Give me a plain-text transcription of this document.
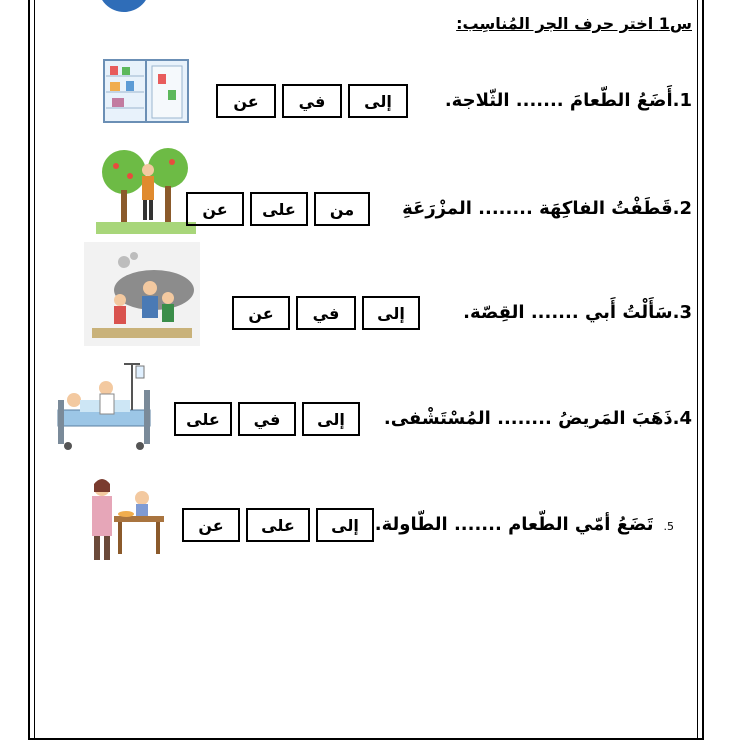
س1 اختر حرف الجر المُناسِب:
عن	في	إلى	1.أَضَعُ الطّعامَ ....... الثّلاجة.
عن	على	من	2.قَطَفْتُ الفاكِهَة ........ المزْرَعَةِ
عن	في	إلى	3.سَأَلْتُ أَبي ....... القِصّة.
على	في	إلى	4.ذَهَبَ المَريضُ ........ المُسْتَشْفى.
عن	على	إلى	5.تَضَعُ أمّي الطّعام ....... الطّاولة.
